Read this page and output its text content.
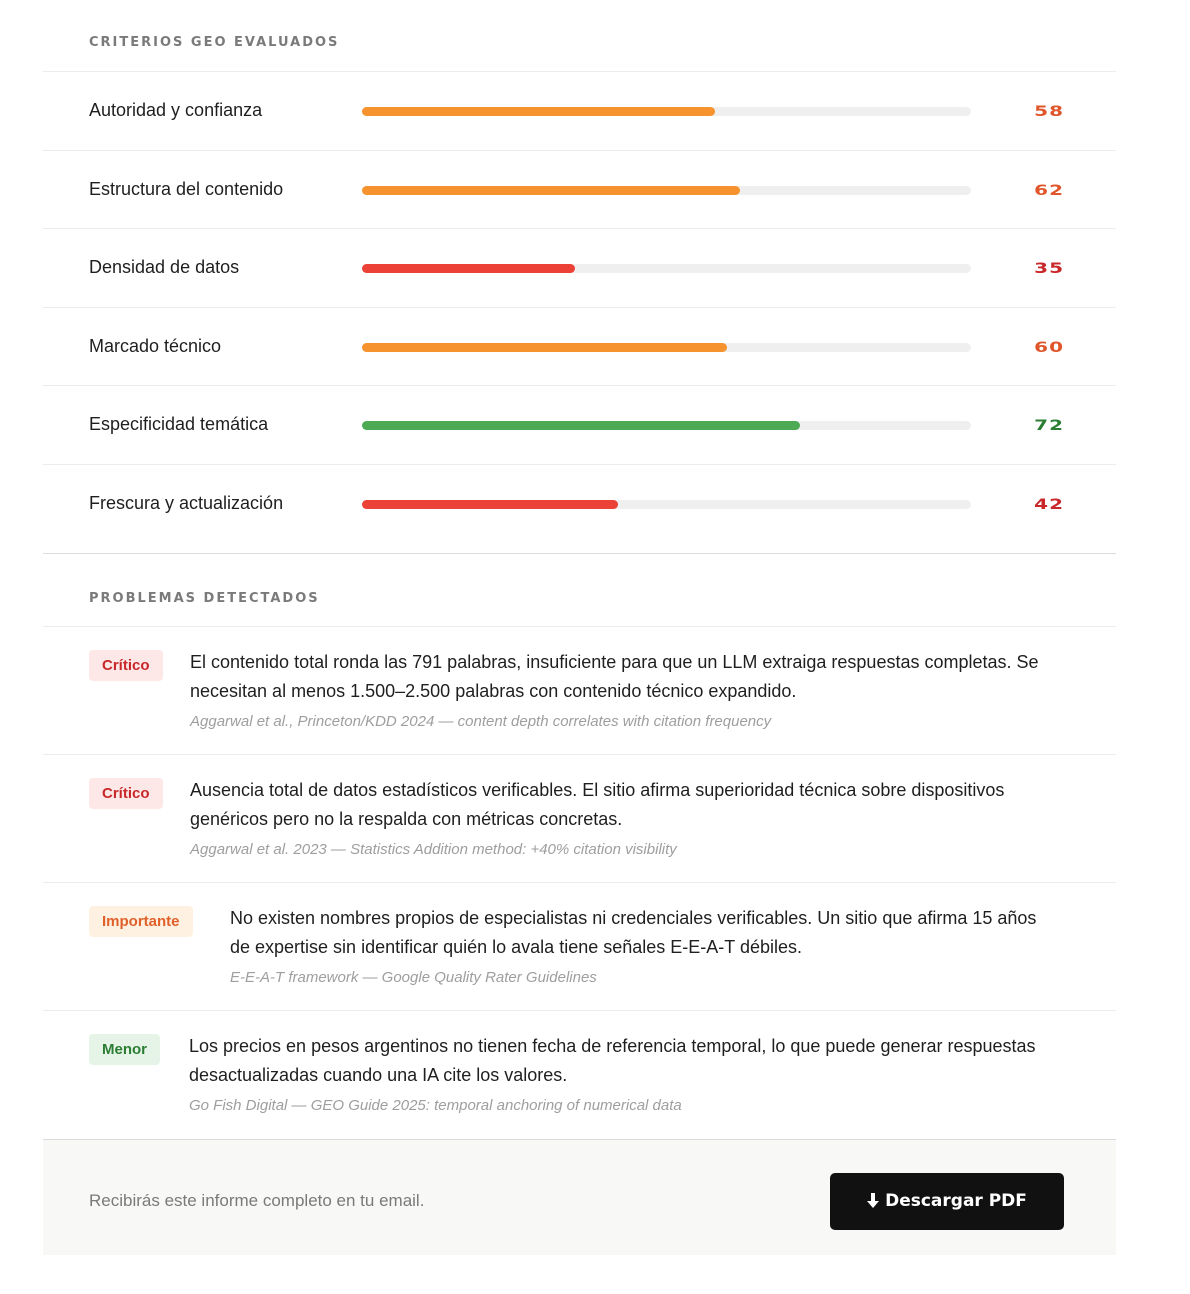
CRITERIOS GEO EVALUADOS
Autoridad y confianza	58
Estructura del contenido	62
Densidad de datos	35
Marcado técnico	60
Especificidad temática	72
Frescura y actualización	42
PROBLEMAS DETECTADOS
Crítico	El contenido total ronda las 791 palabras, insuficiente para que un LLM extraiga respuestas completas. Se necesitan al menos 1.500–2.500 palabras con contenido técnico expandido.
Aggarwal et al., Princeton/KDD 2024 — content depth correlates with citation frequency
Crítico	Ausencia total de datos estadísticos verificables. El sitio afirma superioridad técnica sobre dispositivos genéricos pero no la respalda con métricas concretas.
Aggarwal et al. 2023 — Statistics Addition method: +40% citation visibility
Importante	No existen nombres propios de especialistas ni credenciales verificables. Un sitio que afirma 15 años de expertise sin identificar quién lo avala tiene señales E-E-A-T débiles.
E-E-A-T framework — Google Quality Rater Guidelines
Menor	Los precios en pesos argentinos no tienen fecha de referencia temporal, lo que puede generar respuestas desactualizadas cuando una IA cite los valores.
Go Fish Digital — GEO Guide 2025: temporal anchoring of numerical data
Recibirás este informe completo en tu email.	Descargar PDF
